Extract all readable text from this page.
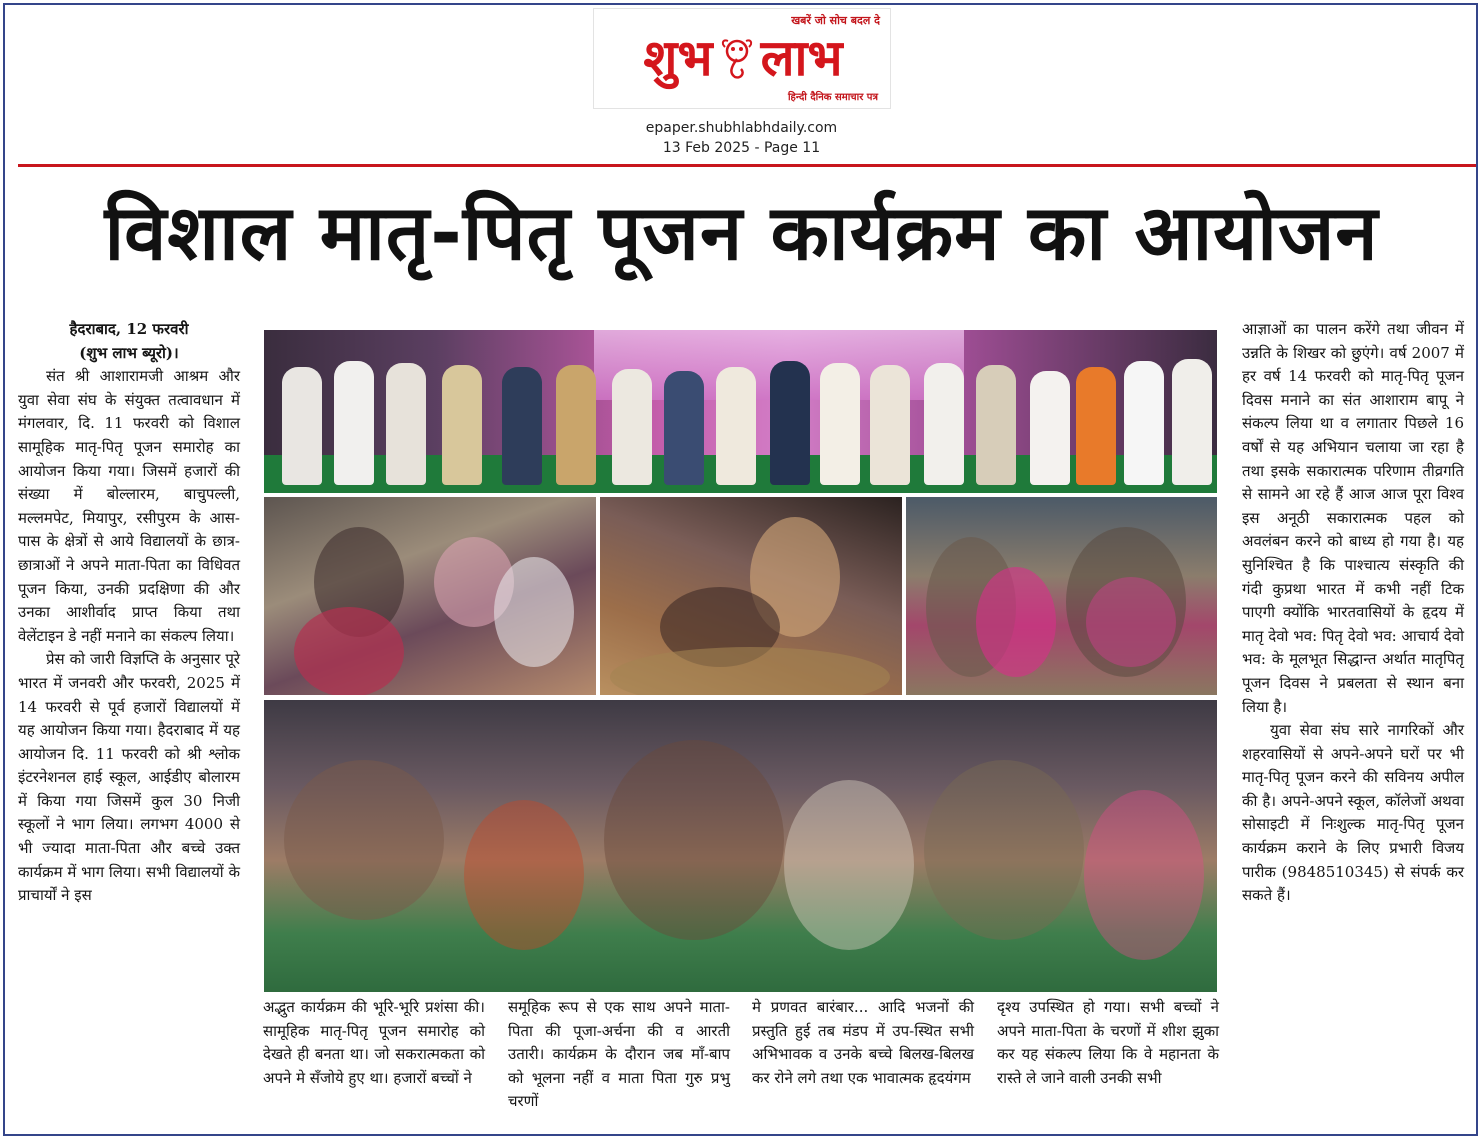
खबरें जो सोच बदल दे
शुभ लाभ
हिन्दी दैनिक समाचार पत्र
epaper.shubhlabhdaily.com
13 Feb 2025 - Page 11
विशाल मातृ-पितृ पूजन कार्यक्रम का आयोजन

हैदराबाद, 12 फरवरी

(शुभ लाभ ब्यूरो)।

संत श्री आशारामजी आश्रम और युवा सेवा संघ के संयुक्त तत्वावधान में मंगलवार, दि. 11 फरवरी को विशाल सामूहिक मातृ-पितृ पूजन समारोह का आयोजन किया गया। जिसमें हजारों की संख्या में बोल्लारम, बाचुपल्ली, मल्लमपेट, मियापुर, रसीपुरम के आस-पास के क्षेत्रों से आये विद्यालयों के छात्र-छात्राओं ने अपने माता-पिता का विधिवत पूजन किया, उनकी प्रदक्षिणा की और उनका आशीर्वाद प्राप्त किया तथा वेलेंटाइन डे नहीं मनाने का संकल्प लिया।

प्रेस को जारी विज्ञप्ति के अनुसार पूरे भारत में जनवरी और फरवरी, 2025 में 14 फरवरी से पूर्व हजारों विद्यालयों में यह आयोजन किया गया। हैदराबाद में यह आयोजन दि. 11 फरवरी को श्री श्लोक इंटरनेशनल हाई स्कूल, आईडीए बोलारम में किया गया जिसमें कुल 30 निजी स्कूलों ने भाग लिया। लगभग 4000 से भी ज्यादा माता-पिता और बच्चे उक्त कार्यक्रम में भाग लिया। सभी विद्यालयों के प्राचार्यों ने इस

अद्भुत कार्यक्रम की भूरि-भूरि प्रशंसा की। सामूहिक मातृ-पितृ पूजन समारोह को देखते ही बनता था। जो सकरात्मकता को अपने मे सँजोये हुए था। हजारों बच्चों ने

समूहिक रूप से एक साथ अपने माता-पिता की पूजा-अर्चना की व आरती उतारी। कार्यक्रम के दौरान जब माँ-बाप को भूलना नहीं व माता पिता गुरु प्रभु चरणों

मे प्रणवत बारंबार... आदि भजनों की प्रस्तुति हुई तब मंडप में उप-स्थित सभी अभिभावक व उनके बच्चे बिलख-बिलख कर रोने लगे तथा एक भावात्मक हृदयंगम

दृश्य उपस्थित हो गया। सभी बच्चों ने अपने माता-पिता के चरणों में शीश झुका कर यह संकल्प लिया कि वे महानता के रास्ते ले जाने वाली उनकी सभी

आज्ञाओं का पालन करेंगे तथा जीवन में उन्नति के शिखर को छुएंगे। वर्ष 2007 में हर वर्ष 14 फरवरी को मातृ-पितृ पूजन दिवस मनाने का संत आशाराम बापू ने संकल्प लिया था व लगातार पिछले 16 वर्षों से यह अभियान चलाया जा रहा है तथा इसके सकारात्मक परिणाम तीव्रगति से सामने आ रहे हैं आज आज पूरा विश्व इस अनूठी सकारात्मक पहल को अवलंबन करने को बाध्य हो गया है। यह सुनिश्चित है कि पाश्चात्य संस्कृति की गंदी कुप्रथा भारत में कभी नहीं टिक पाएगी क्योंकि भारतवासियों के हृदय में मातृ देवो भव: पितृ देवो भव: आचार्य देवो भव: के मूलभूत सिद्धान्त अर्थात मातृपितृ पूजन दिवस ने प्रबलता से स्थान बना लिया है।

युवा सेवा संघ सारे नागरिकों और शहरवासियों से अपने-अपने घरों पर भी मातृ-पितृ पूजन करने की सविनय अपील की है। अपने-अपने स्कूल, कॉलेजों अथवा सोसाइटी में निःशुल्क मातृ-पितृ पूजन कार्यक्रम कराने के लिए प्रभारी विजय पारीक (9848510345) से संपर्क कर सकते हैं।
